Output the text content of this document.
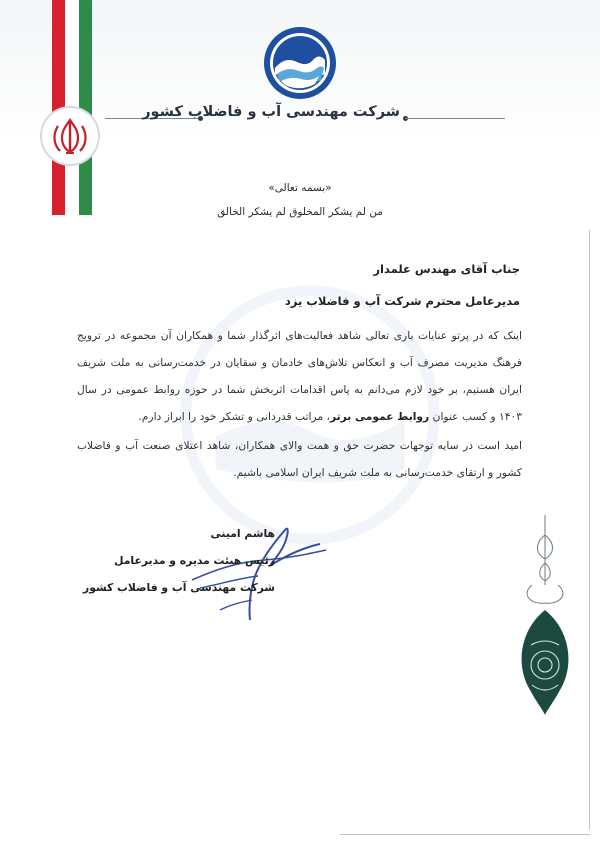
شرکت مهندسی آب و فاضلاب کشور
«بسمه تعالی»
من لم یشکر المخلوق لم یشکر الخالق
جناب آقای مهندس علمدار
مدیرعامل محترم شرکت آب و فاضلاب یزد
اینک که در پرتو عنایات باری تعالی شاهد فعالیت‌های اثرگذار شما و همکاران آن مجموعه در ترویج فرهنگ مدیریت مصرف آب و انعکاس تلاش‌های خادمان و سقایان در خدمت‌رسانی به ملت شریف ایران هستیم، بر خود لازم می‌دانم به پاس اقدامات اثربخش شما در حوزه روابط عمومی در سال ۱۴۰۳ و کسب عنوان روابط عمومی برتر، مراتب قدردانی و تشکر خود را ابراز دارم.
امید است در سایه توجهات حضرت حق و همت والای همکاران، شاهد اعتلای صنعت آب و فاضلاب کشور و ارتقای خدمت‌رسانی به ملت شریف ایران اسلامی باشیم.
هاشم امینی
رئیس هیئت مدیره و مدیرعامل
شرکت مهندسی آب و فاضلاب کشور
